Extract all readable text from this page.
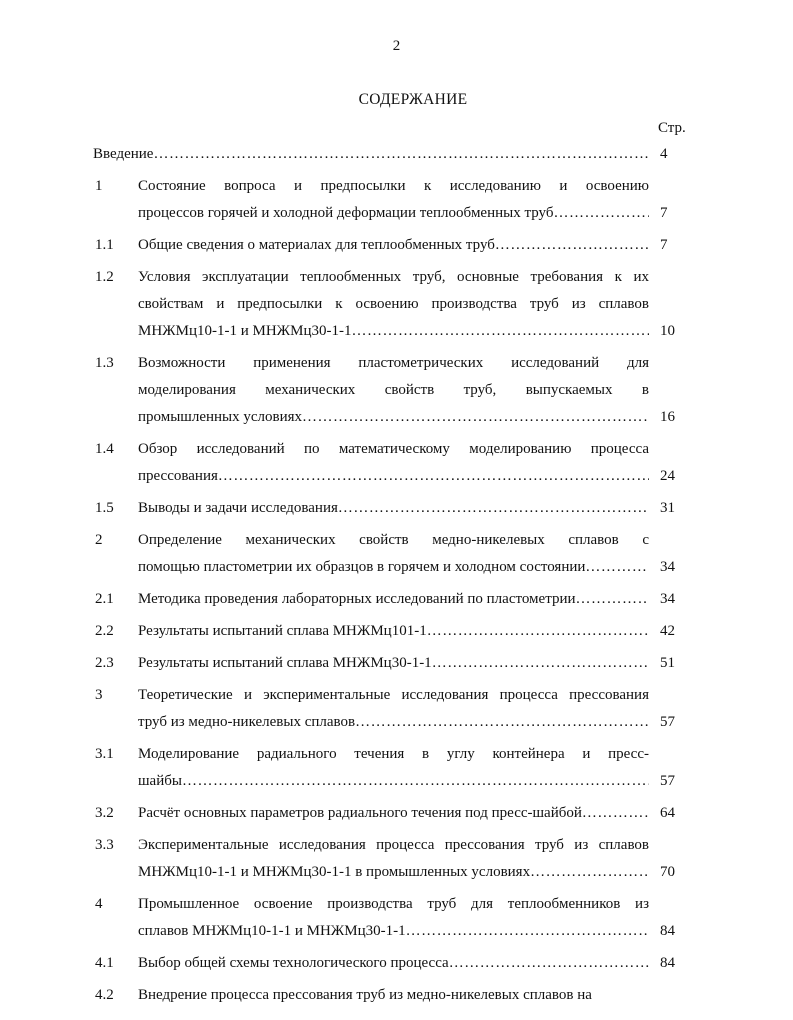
2
СОДЕРЖАНИЕ
Стр.
Введение …………………………………………………………………………………………………………………………………………………………………	4
1	Состояние вопроса и предпосылки к исследованию и освоению
процессов горячей и холодной деформации теплообменных труб …………………………………………………………………………………………………………………………………………………………………	7
1.1	Общие сведения о материалах для теплообменных труб …………………………………………………………………………………………………………………………………………………………………	7
1.2	Условия эксплуатации теплообменных труб, основные требования к их
свойствам и предпосылки к освоению производства труб из сплавов
МНЖМц10-1-1 и МНЖМц30-1-1 …………………………………………………………………………………………………………………………………………………………………	10
1.3	Возможности применения пластометрических исследований для
моделирования механических свойств труб, выпускаемых в
промышленных условиях …………………………………………………………………………………………………………………………………………………………………	16
1.4	Обзор исследований по математическому моделированию процесса
прессования …………………………………………………………………………………………………………………………………………………………………	24
1.5	Выводы и задачи исследования …………………………………………………………………………………………………………………………………………………………………	31
2	Определение механических свойств медно-никелевых сплавов с
помощью пластометрии их образцов в горячем и холодном состоянии …………………………………………………………………………………………………………………………………………………………………	34
2.1	Методика проведения лабораторных исследований по пластометрии …………………………………………………………………………………………………………………………………………………………………	34
2.2	Результаты испытаний сплава МНЖМц101-1 …………………………………………………………………………………………………………………………………………………………………	42
2.3	Результаты испытаний сплава МНЖМц30-1-1 …………………………………………………………………………………………………………………………………………………………………	51
3	Теоретические и экспериментальные исследования процесса прессования
труб из медно-никелевых сплавов …………………………………………………………………………………………………………………………………………………………………	57
3.1	Моделирование радиального течения в углу контейнера и пресс-
шайбы …………………………………………………………………………………………………………………………………………………………………	57
3.2	Расчёт основных параметров радиального течения под пресс-шайбой …………………………………………………………………………………………………………………………………………………………………	64
3.3	Экспериментальные исследования процесса прессования труб из сплавов
МНЖМц10-1-1 и МНЖМц30-1-1 в промышленных условиях …………………………………………………………………………………………………………………………………………………………………	70
4	Промышленное освоение производства труб для теплообменников из
сплавов МНЖМц10-1-1 и МНЖМц30-1-1 …………………………………………………………………………………………………………………………………………………………………	84
4.1	Выбор общей схемы технологического процесса …………………………………………………………………………………………………………………………………………………………………	84
4.2	Внедрение процесса прессования труб из медно-никелевых сплавов на
